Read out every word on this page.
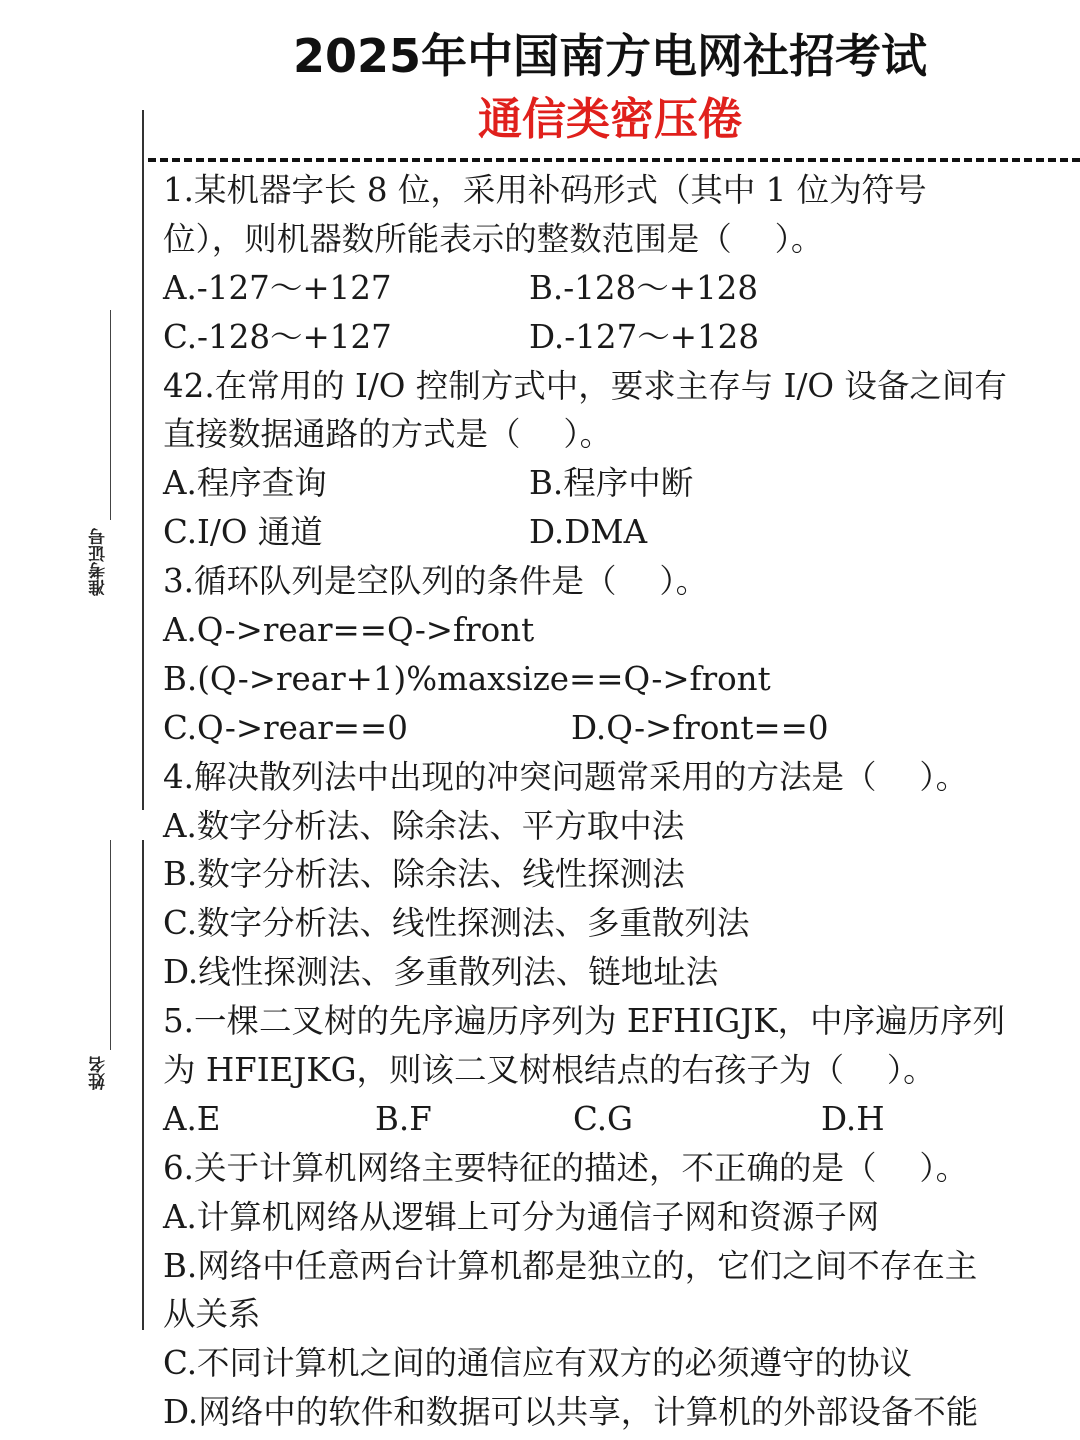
2025年中国南方电网社招考试
通信类密压倦
准考证号
姓名
1.某机器字长 8 位，采用补码形式（其中 1 位为符号
位），则机器数所能表示的整数范围是（　 ）。
A.-127～+127	B.-128～+128
C.-128～+127	D.-127～+128
42.在常用的 I/O 控制方式中，要求主存与 I/O 设备之间有
直接数据通路的方式是（　 ）。
A.程序查询	B.程序中断
C.I/O 通道	D.DMA
3.循环队列是空队列的条件是（　 ）。
A.Q->rear==Q->front
B.(Q->rear+1)%maxsize==Q->front
C.Q->rear==0	D.Q->front==0
4.解决散列法中出现的冲突问题常采用的方法是（　 ）。
A.数字分析法、除余法、平方取中法
B.数字分析法、除余法、线性探测法
C.数字分析法、线性探测法、多重散列法
D.线性探测法、多重散列法、链地址法
5.一棵二叉树的先序遍历序列为 EFHIGJK，中序遍历序列
为 HFIEJKG，则该二叉树根结点的右孩子为（　 ）。
A.E	B.F	C.G	D.H
6.关于计算机网络主要特征的描述，不正确的是（　 ）。
A.计算机网络从逻辑上可分为通信子网和资源子网
B.网络中任意两台计算机都是独立的，它们之间不存在主
从关系
C.不同计算机之间的通信应有双方的必须遵守的协议
D.网络中的软件和数据可以共享，计算机的外部设备不能
